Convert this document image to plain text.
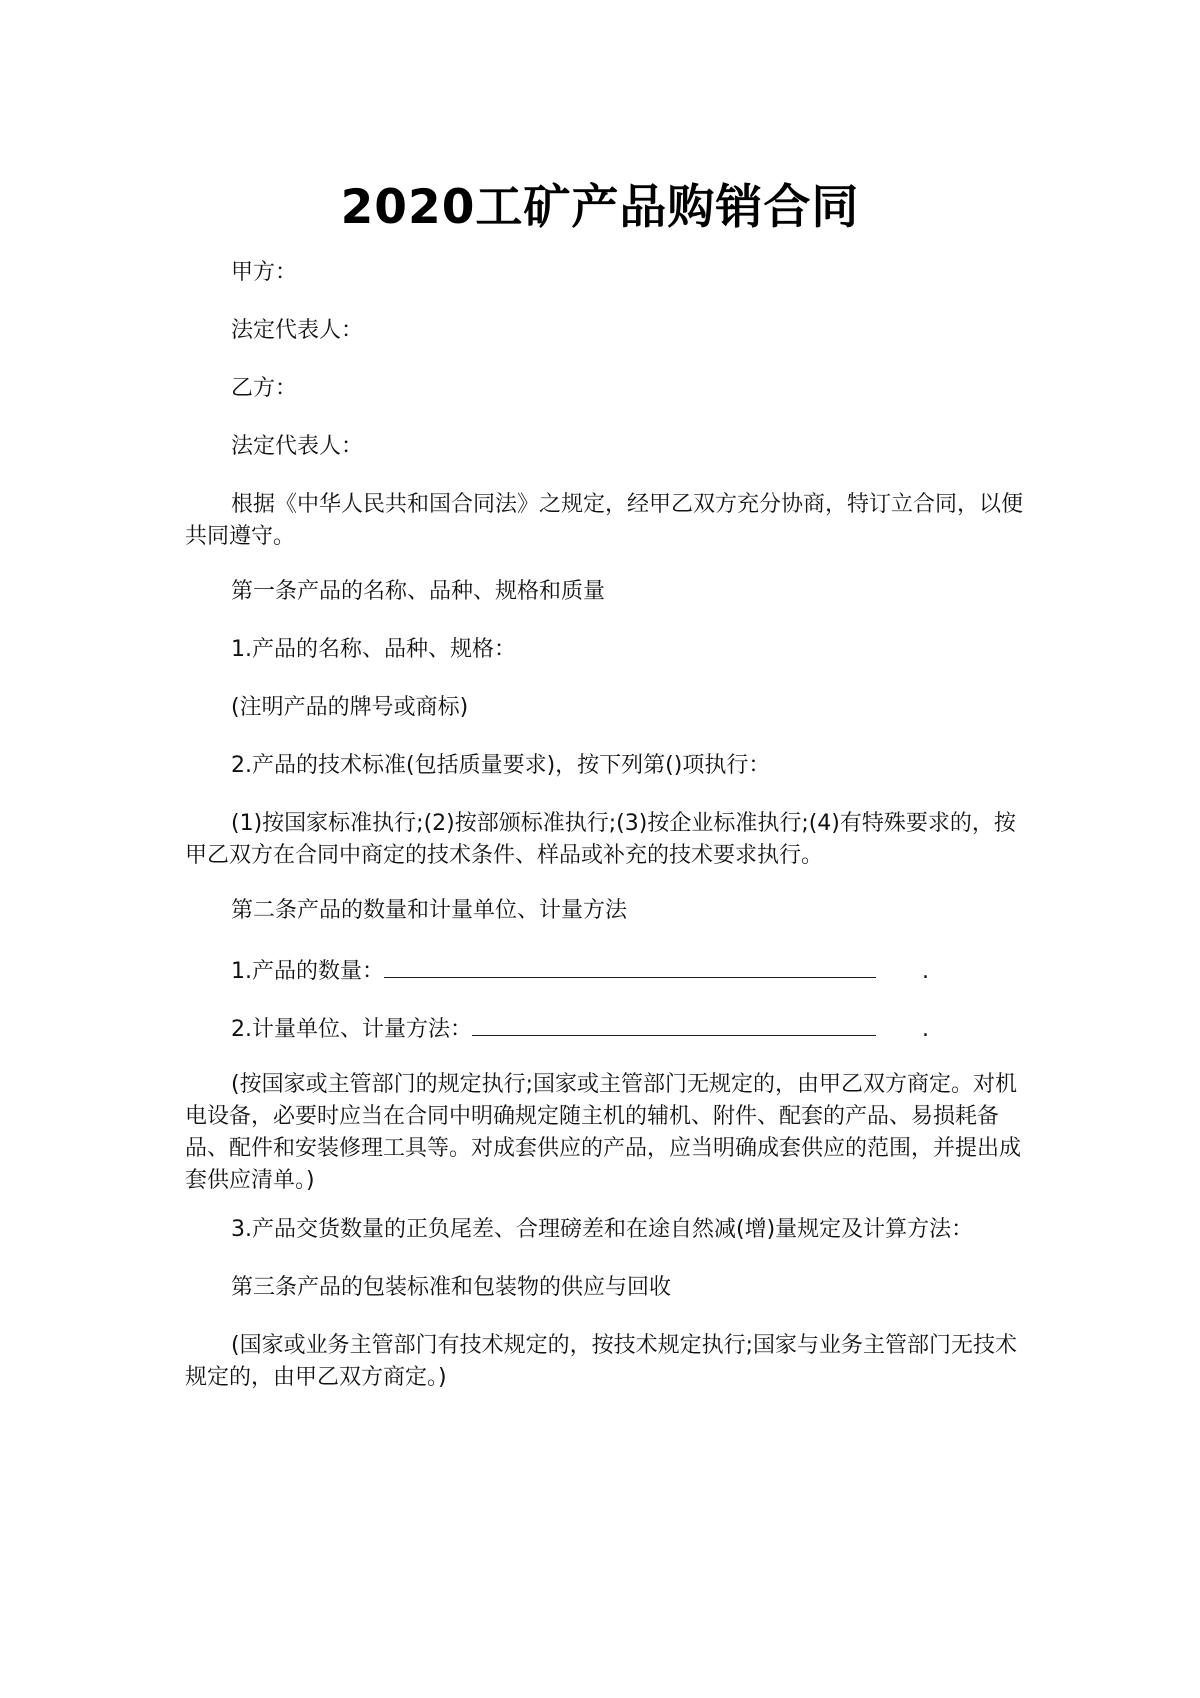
2020工矿产品购销合同
甲方：
法定代表人：
乙方：
法定代表人：
根据《中华人民共和国合同法》之规定，经甲乙双方充分协商，特订立合同，以便共同遵守。
第一条产品的名称、品种、规格和质量
1.产品的名称、品种、规格：
(注明产品的牌号或商标)
2.产品的技术标准(包括质量要求)，按下列第()项执行：
(1)按国家标准执行;(2)按部颁标准执行;(3)按企业标准执行;(4)有特殊要求的，按甲乙双方在合同中商定的技术条件、样品或补充的技术要求执行。
第二条产品的数量和计量单位、计量方法
1.产品的数量：	.
2.计量单位、计量方法：	.
(按国家或主管部门的规定执行;国家或主管部门无规定的，由甲乙双方商定。对机电设备，必要时应当在合同中明确规定随主机的辅机、附件、配套的产品、易损耗备品、配件和安装修理工具等。对成套供应的产品，应当明确成套供应的范围，并提出成套供应清单。)
3.产品交货数量的正负尾差、合理磅差和在途自然减(增)量规定及计算方法：
第三条产品的包装标准和包装物的供应与回收
(国家或业务主管部门有技术规定的，按技术规定执行;国家与业务主管部门无技术规定的，由甲乙双方商定。)
